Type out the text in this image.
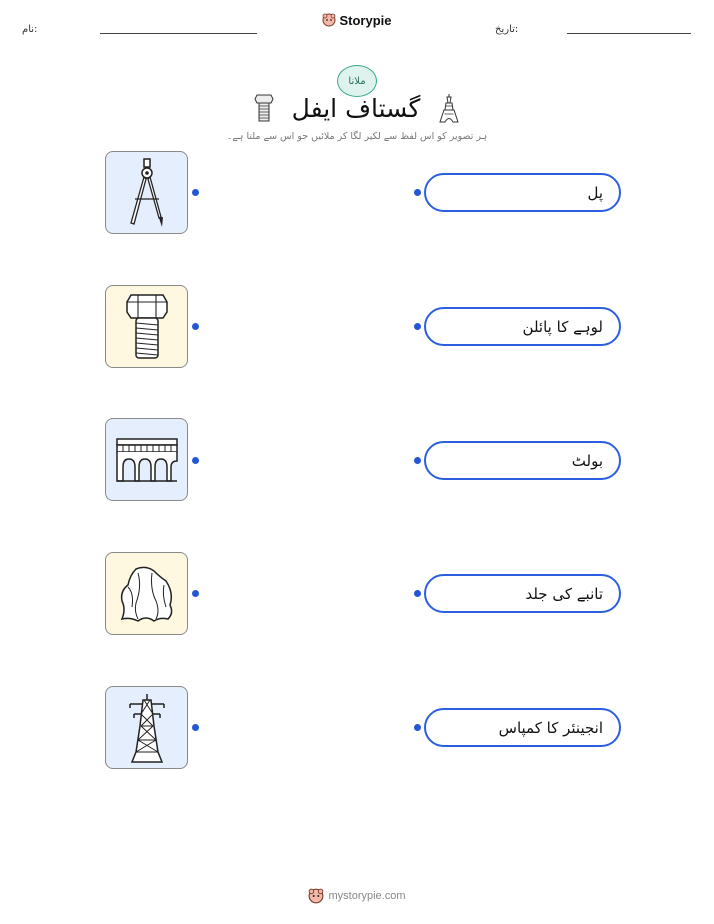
نام:	تاریخ:
Storypie
ملانا
گستاف ایفل
ہر تصویر کو اس لفظ سے لکیر لگا کر ملائیں جو اس سے ملتا ہے۔
پل
لوہے کا پائلن
بولٹ
تانبے کی جلد
انجینئر کا کمپاس
mystorypie.com
